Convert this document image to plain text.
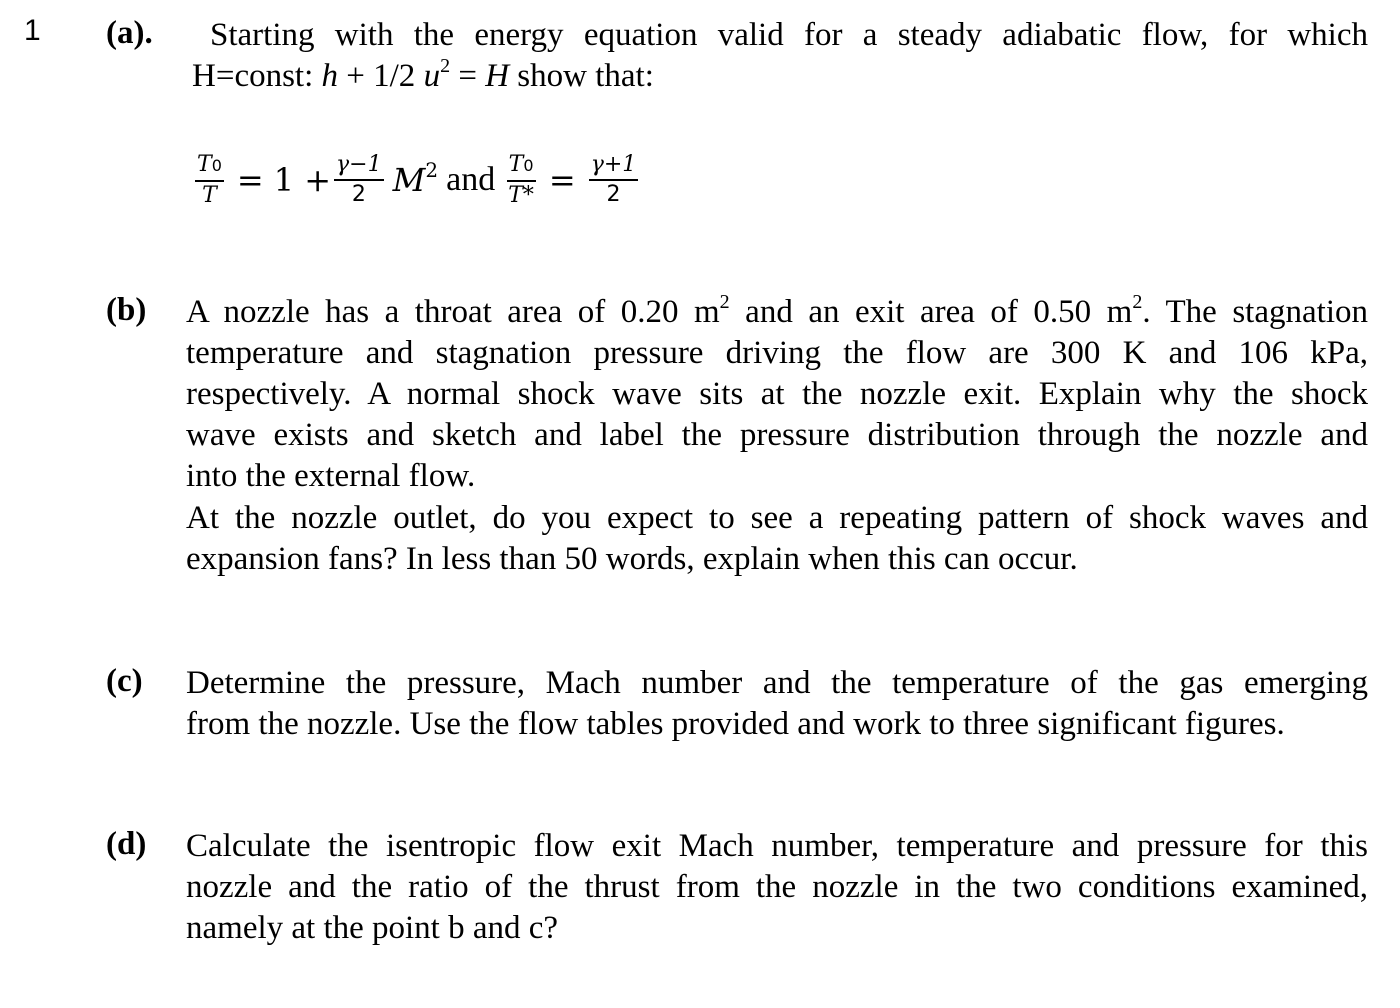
1 (a). Starting with the energy equation valid for a steady adiabatic flow, for which
H=const: h + 1/2 $u^2 = H$ show that:
$\frac{T0}{T} = 1 + \frac{\gamma-1}{2} M^2$ and $\frac{T0}{T*} = \frac{\gamma+1}{2}$
(b) A nozzle has a throat area of 0.20 $m^2$ and an exit area of 0.50 $m^2$. The stagnation
temperature and stagnation pressure driving the flow are 300 K and 106 kPa,
respectively. A normal shock wave sits at the nozzle exit. Explain why the shock
wave exists and sketch and label the pressure distribution through the nozzle and
into the external flow.
At the nozzle outlet, do you expect to see a repeating pattern of shock waves and
expansion fans? In less than 50 words, explain when this can occur.
(c) Determine the pressure, Mach number and the temperature of the gas emerging
from the nozzle. Use the flow tables provided and work to three significant figures.
(d) Calculate the isentropic flow exit Mach number, temperature and pressure for this
nozzle and the ratio of the thrust from the nozzle in the two conditions examined,
namely at the point b and c?
